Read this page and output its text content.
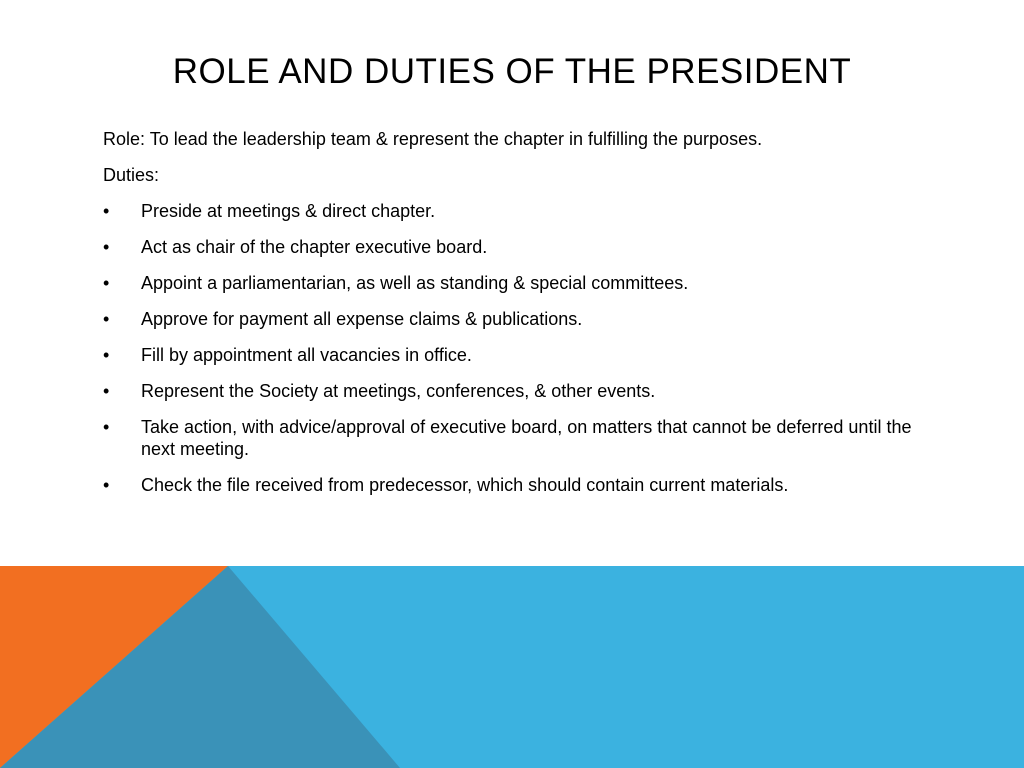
ROLE AND DUTIES OF THE PRESIDENT

Role: To lead the leadership team & represent the chapter in fulfilling the purposes.

Duties:

• Preside at meetings & direct chapter.
• Act as chair of the chapter executive board.
• Appoint a parliamentarian, as well as standing & special committees.
• Approve for payment all expense claims & publications.
• Fill by appointment all vacancies in office.
• Represent the Society at meetings, conferences, & other events.
• Take action, with advice/approval of executive board, on matters that cannot be deferred until the next meeting.
• Check the file received from predecessor, which should contain current materials.
